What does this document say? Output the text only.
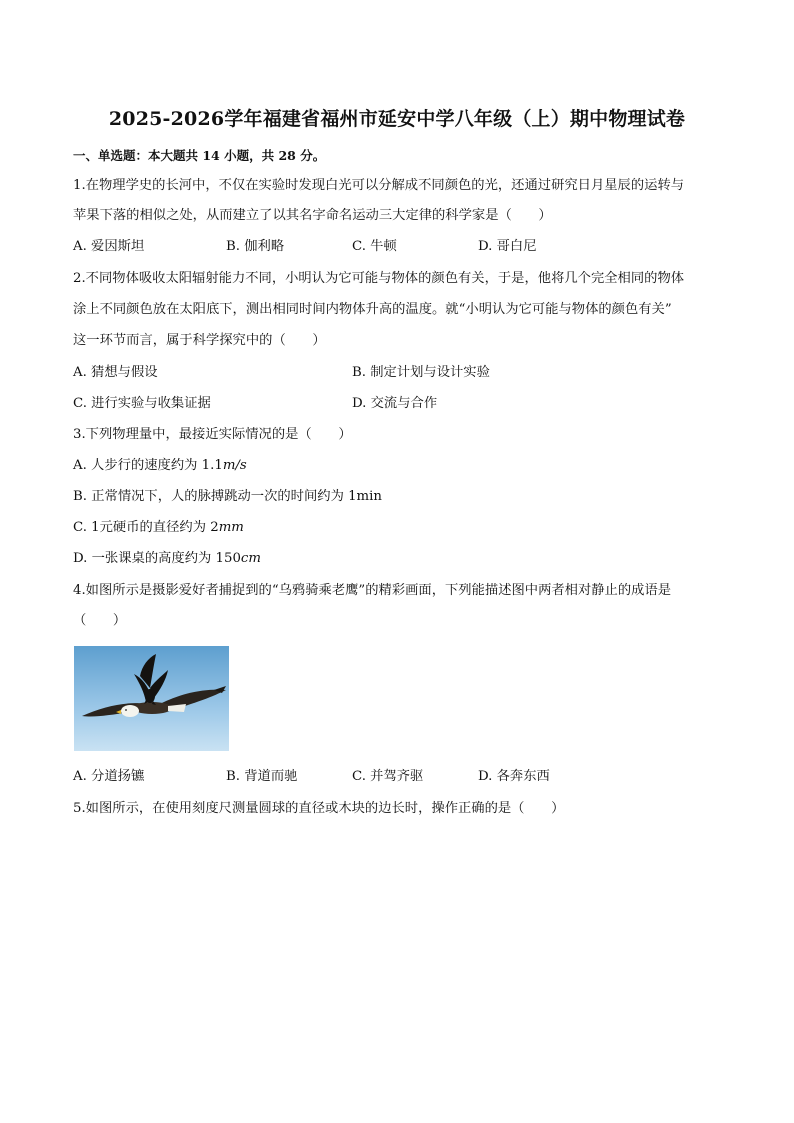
2025-2026学年福建省福州市延安中学八年级（上）期中物理试卷
一、单选题：本大题共 14 小题，共 28 分。
1.在物理学史的长河中，不仅在实验时发现白光可以分解成不同颜色的光，还通过研究日月星辰的运转与
苹果下落的相似之处，从而建立了以其名字命名运动三大定律的科学家是（　　）
A. 爱因斯坦	B. 伽利略	C. 牛顿	D. 哥白尼
2.不同物体吸收太阳辐射能力不同，小明认为它可能与物体的颜色有关，于是，他将几个完全相同的物体
涂上不同颜色放在太阳底下，测出相同时间内物体升高的温度。就“小明认为它可能与物体的颜色有关”
这一环节而言，属于科学探究中的（　　）
A. 猜想与假设	B. 制定计划与设计实验
C. 进行实验与收集证据	D. 交流与合作
3.下列物理量中，最接近实际情况的是（　　）
A. 人步行的速度约为 1.1m/s
B. 正常情况下，人的脉搏跳动一次的时间约为 1min
C. 1元硬币的直径约为 2mm
D. 一张课桌的高度约为 150cm
4.如图所示是摄影爱好者捕捉到的“乌鸦骑乘老鹰”的精彩画面，下列能描述图中两者相对静止的成语是
（　　）
A. 分道扬镳	B. 背道而驰	C. 并驾齐驱	D. 各奔东西
5.如图所示，在使用刻度尺测量圆球的直径或木块的边长时，操作正确的是（　　）
